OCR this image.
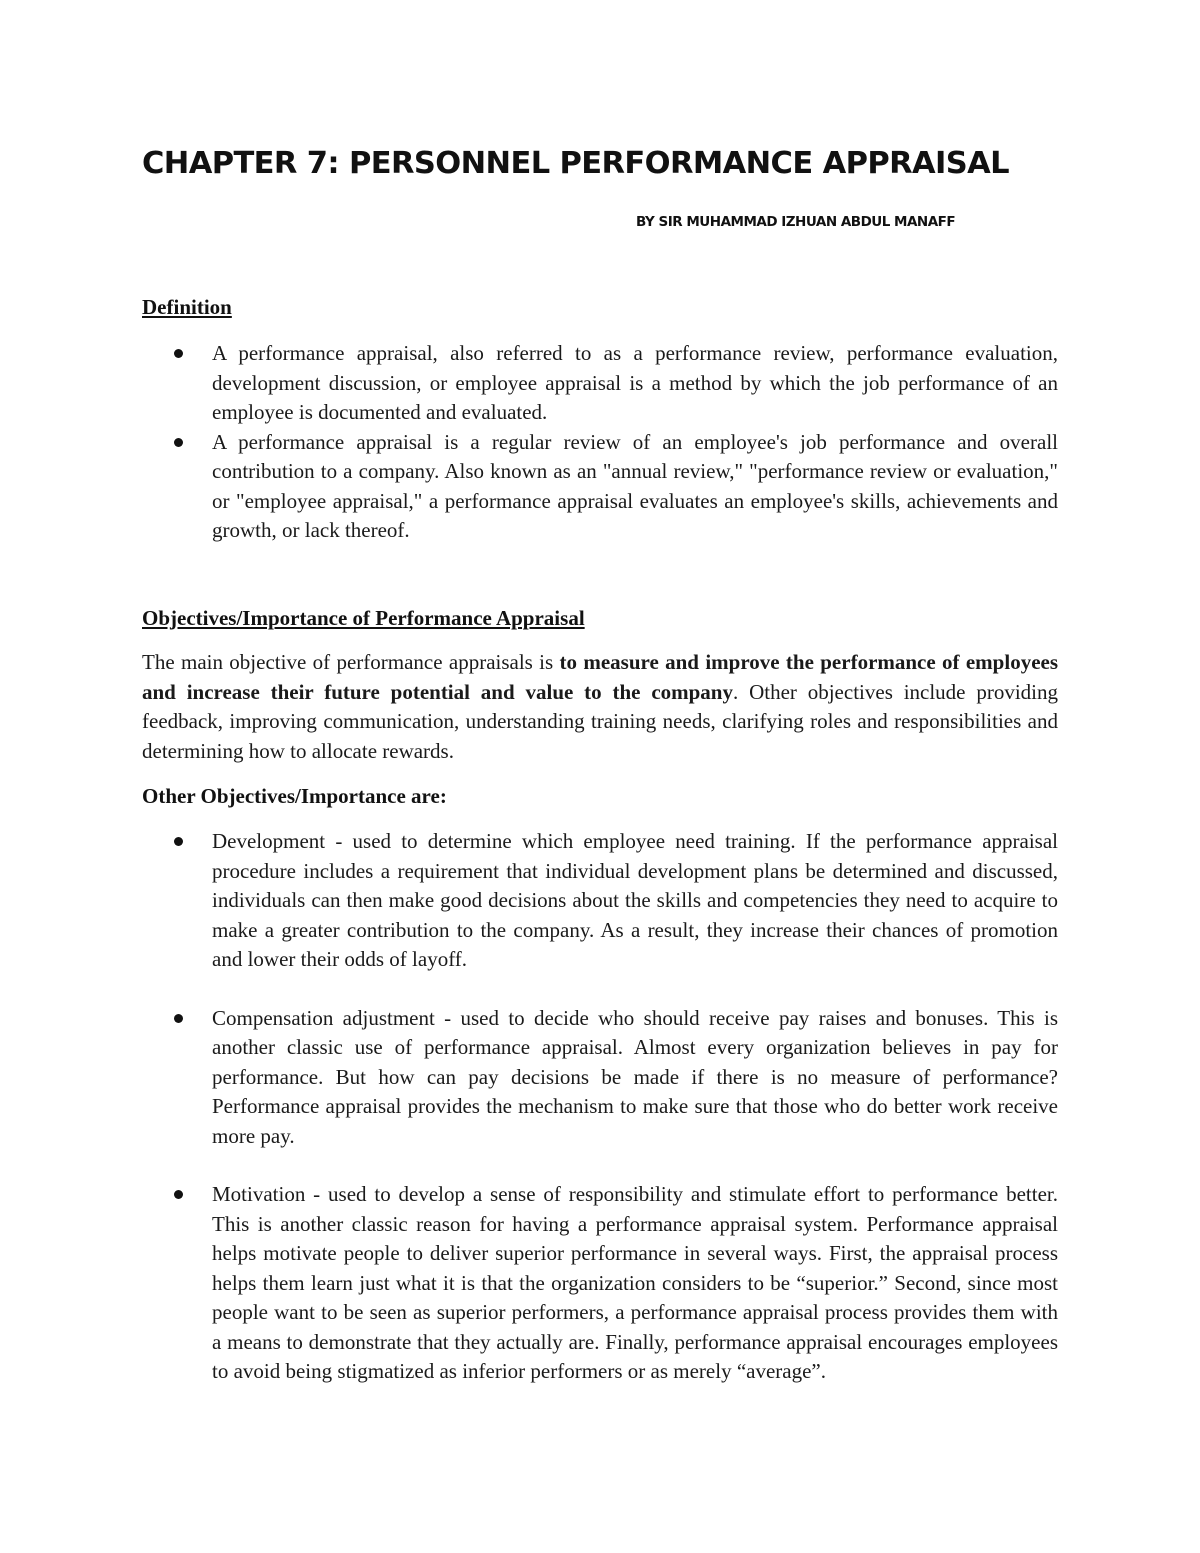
CHAPTER 7: PERSONNEL PERFORMANCE APPRAISAL

BY SIR MUHAMMAD IZHUAN ABDUL MANAFF

Definition
A performance appraisal, also referred to as a performance review, performance evaluation, development discussion, or employee appraisal is a method by which the job performance of an employee is documented and evaluated.
A performance appraisal is a regular review of an employee's job performance and overall contribution to a company. Also known as an "annual review," "performance review or evaluation," or "employee appraisal," a performance appraisal evaluates an employee's skills, achievements and growth, or lack thereof.
Objectives/Importance of Performance Appraisal

The main objective of performance appraisals is to measure and improve the performance of employees and increase their future potential and value to the company. Other objectives include providing feedback, improving communication, understanding training needs, clarifying roles and responsibilities and determining how to allocate rewards.

Other Objectives/Importance are:
Development - used to determine which employee need training. If the performance appraisal procedure includes a requirement that individual development plans be determined and discussed, individuals can then make good decisions about the skills and competencies they need to acquire to make a greater contribution to the company. As a result, they increase their chances of promotion and lower their odds of layoff.
Compensation adjustment - used to decide who should receive pay raises and bonuses. This is another classic use of performance appraisal. Almost every organization believes in pay for performance. But how can pay decisions be made if there is no measure of performance? Performance appraisal provides the mechanism to make sure that those who do better work receive more pay.
Motivation - used to develop a sense of responsibility and stimulate effort to performance better. This is another classic reason for having a performance appraisal system. Performance appraisal helps motivate people to deliver superior performance in several ways. First, the appraisal process helps them learn just what it is that the organization considers to be “superior.” Second, since most people want to be seen as superior performers, a performance appraisal process provides them with a means to demonstrate that they actually are. Finally, performance appraisal encourages employees to avoid being stigmatized as inferior performers or as merely “average”.
